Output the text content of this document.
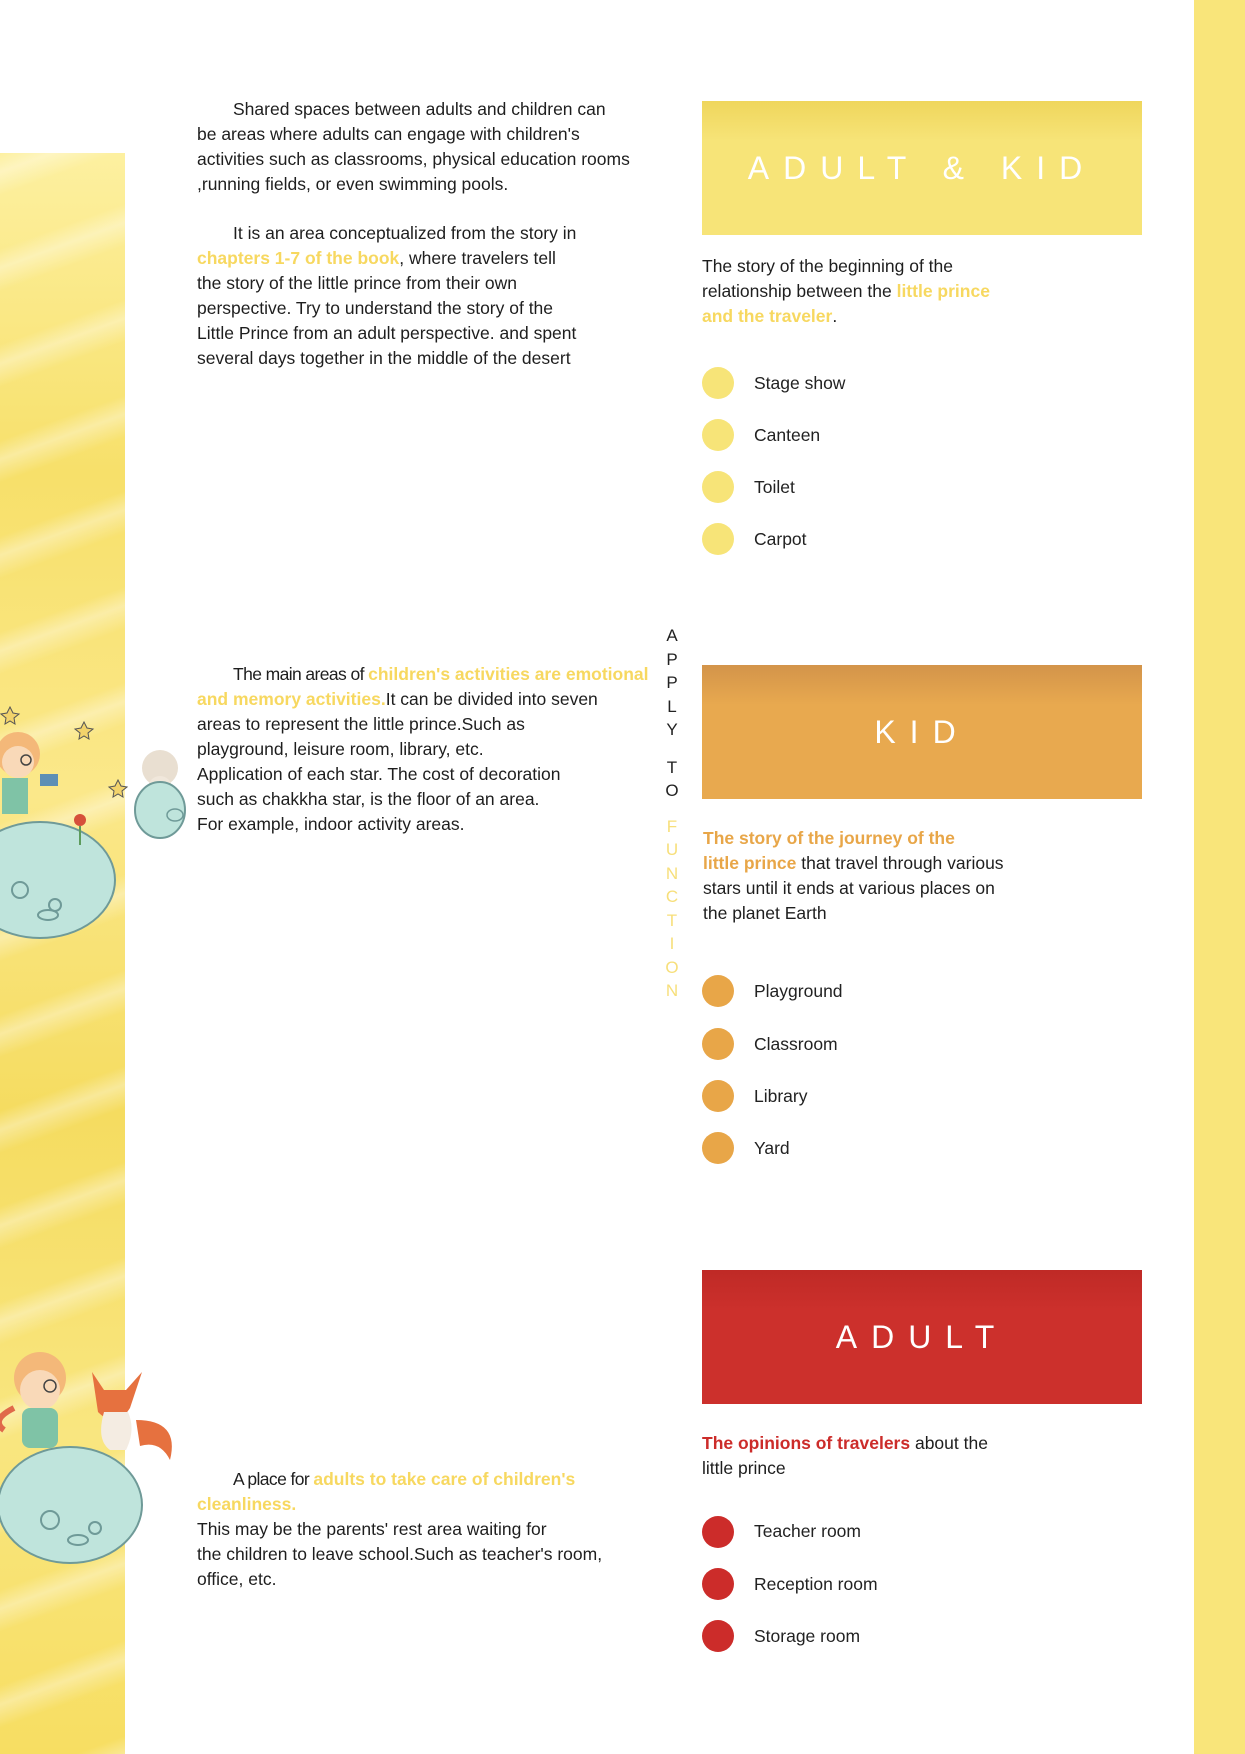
Shared spaces between adults and children can
be areas where adults can engage with children's
activities such as classrooms, physical education rooms
,running fields, or even swimming pools.

It is an area conceptualized from the story in
chapters 1-7 of the book, where travelers tell
the story of the little prince from their own
perspective. Try to understand the story of the
Little Prince from an adult perspective. and spent
several days together in the middle of the desert

The main areas of children's activities are emotional
and memory activities.It can be divided into seven
areas to represent the little prince.Such as
playground, leisure room, library, etc.
Application of each star. The cost of decoration
such as chakkha star, is the floor of an area.
For example, indoor activity areas.

A place for adults to take care of children's cleanliness.
This may be the parents' rest area waiting for
the children to leave school.Such as teacher's room,
office, etc.

A
P
P
L
Y
T
O
F
U
N
C
T
I
O
N
ADULT & KID

The story of the beginning of the
relationship between the little prince
and the traveler.

Stage show
Canteen
Toilet
Carpot
KID

The story of the journey of the
little prince that travel through various
stars until it ends at various places on
the planet Earth

Playground
Classroom
Library
Yard
ADULT

The opinions of travelers about the
little prince

Teacher room
Reception room
Storage room
